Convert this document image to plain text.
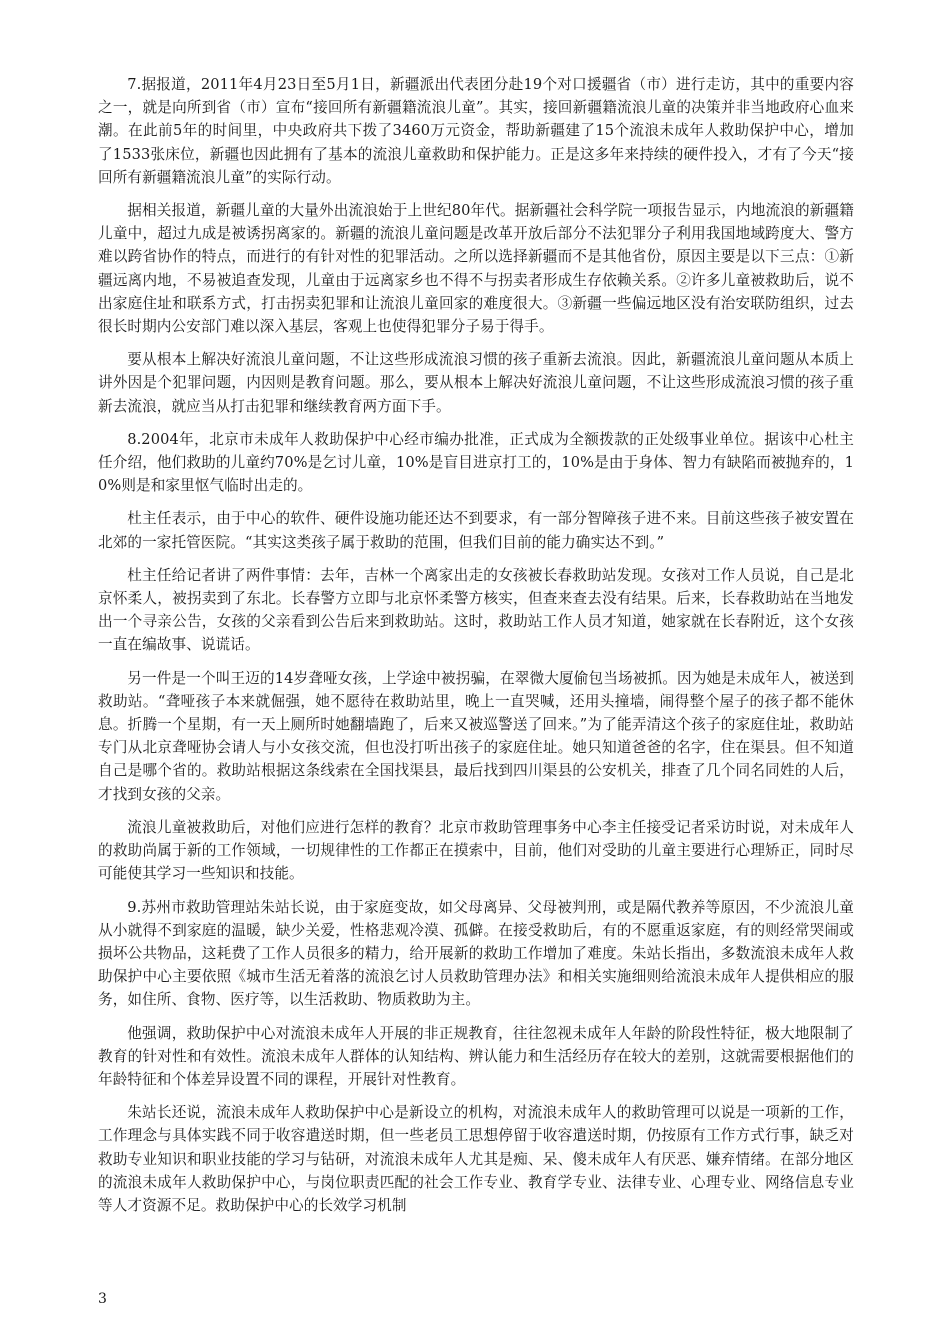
7.据报道，2011年4月23日至5月1日，新疆派出代表团分赴19个对口援疆省（市）进行走访，其中的重要内容之一，就是向所到省（市）宣布“接回所有新疆籍流浪儿童”。其实，接回新疆籍流浪儿童的决策并非当地政府心血来潮。在此前5年的时间里，中央政府共下拨了3460万元资金，帮助新疆建了15个流浪未成年人救助保护中心，增加了1533张床位，新疆也因此拥有了基本的流浪儿童救助和保护能力。正是这多年来持续的硬件投入，才有了今天“接回所有新疆籍流浪儿童”的实际行动。

据相关报道，新疆儿童的大量外出流浪始于上世纪80年代。据新疆社会科学院一项报告显示，内地流浪的新疆籍儿童中，超过九成是被诱拐离家的。新疆的流浪儿童问题是改革开放后部分不法犯罪分子利用我国地域跨度大、警方难以跨省协作的特点，而进行的有针对性的犯罪活动。之所以选择新疆而不是其他省份，原因主要是以下三点：①新疆远离内地，不易被追查发现，儿童由于远离家乡也不得不与拐卖者形成生存依赖关系。②许多儿童被救助后，说不出家庭住址和联系方式，打击拐卖犯罪和让流浪儿童回家的难度很大。③新疆一些偏远地区没有治安联防组织，过去很长时期内公安部门难以深入基层，客观上也使得犯罪分子易于得手。

要从根本上解决好流浪儿童问题，不让这些形成流浪习惯的孩子重新去流浪。因此，新疆流浪儿童问题从本质上讲外因是个犯罪问题，内因则是教育问题。那么，要从根本上解决好流浪儿童问题，不让这些形成流浪习惯的孩子重新去流浪，就应当从打击犯罪和继续教育两方面下手。

8.2004年，北京市未成年人救助保护中心经市编办批准，正式成为全额拨款的正处级事业单位。据该中心杜主任介绍，他们救助的儿童约70%是乞讨儿童，10%是盲目进京打工的，10%是由于身体、智力有缺陷而被抛弃的，10%则是和家里怄气临时出走的。

杜主任表示，由于中心的软件、硬件设施功能还达不到要求，有一部分智障孩子进不来。目前这些孩子被安置在北郊的一家托管医院。“其实这类孩子属于救助的范围，但我们目前的能力确实达不到。”

杜主任给记者讲了两件事情：去年，吉林一个离家出走的女孩被长春救助站发现。女孩对工作人员说，自己是北京怀柔人，被拐卖到了东北。长春警方立即与北京怀柔警方核实，但查来查去没有结果。后来，长春救助站在当地发出一个寻亲公告，女孩的父亲看到公告后来到救助站。这时，救助站工作人员才知道，她家就在长春附近，这个女孩一直在编故事、说谎话。

另一件是一个叫王迈的14岁聋哑女孩，上学途中被拐骗，在翠微大厦偷包当场被抓。因为她是未成年人，被送到救助站。“聋哑孩子本来就倔强，她不愿待在救助站里，晚上一直哭喊，还用头撞墙，闹得整个屋子的孩子都不能休息。折腾一个星期，有一天上厕所时她翻墙跑了，后来又被巡警送了回来。”为了能弄清这个孩子的家庭住址，救助站专门从北京聋哑协会请人与小女孩交流，但也没打听出孩子的家庭住址。她只知道爸爸的名字，住在渠县。但不知道自己是哪个省的。救助站根据这条线索在全国找渠县，最后找到四川渠县的公安机关，排查了几个同名同姓的人后，才找到女孩的父亲。

流浪儿童被救助后，对他们应进行怎样的教育？北京市救助管理事务中心李主任接受记者采访时说，对未成年人的救助尚属于新的工作领域，一切规律性的工作都正在摸索中，目前，他们对受助的儿童主要进行心理矫正，同时尽可能使其学习一些知识和技能。

9.苏州市救助管理站朱站长说，由于家庭变故，如父母离异、父母被判刑，或是隔代教养等原因，不少流浪儿童从小就得不到家庭的温暖，缺少关爱，性格悲观冷漠、孤僻。在接受救助后，有的不愿重返家庭，有的则经常哭闹或损坏公共物品，这耗费了工作人员很多的精力，给开展新的救助工作增加了难度。朱站长指出，多数流浪未成年人救助保护中心主要依照《城市生活无着落的流浪乞讨人员救助管理办法》和相关实施细则给流浪未成年人提供相应的服务，如住所、食物、医疗等，以生活救助、物质救助为主。

他强调，救助保护中心对流浪未成年人开展的非正规教育，往往忽视未成年人年龄的阶段性特征，极大地限制了教育的针对性和有效性。流浪未成年人群体的认知结构、辨认能力和生活经历存在较大的差别，这就需要根据他们的年龄特征和个体差异设置不同的课程，开展针对性教育。

朱站长还说，流浪未成年人救助保护中心是新设立的机构，对流浪未成年人的救助管理可以说是一项新的工作，工作理念与具体实践不同于收容遣送时期，但一些老员工思想停留于收容遣送时期，仍按原有工作方式行事，缺乏对救助专业知识和职业技能的学习与钻研，对流浪未成年人尤其是痴、呆、傻未成年人有厌恶、嫌弃情绪。在部分地区的流浪未成年人救助保护中心，与岗位职责匹配的社会工作专业、教育学专业、法律专业、心理专业、网络信息专业等人才资源不足。救助保护中心的长效学习机制

3
